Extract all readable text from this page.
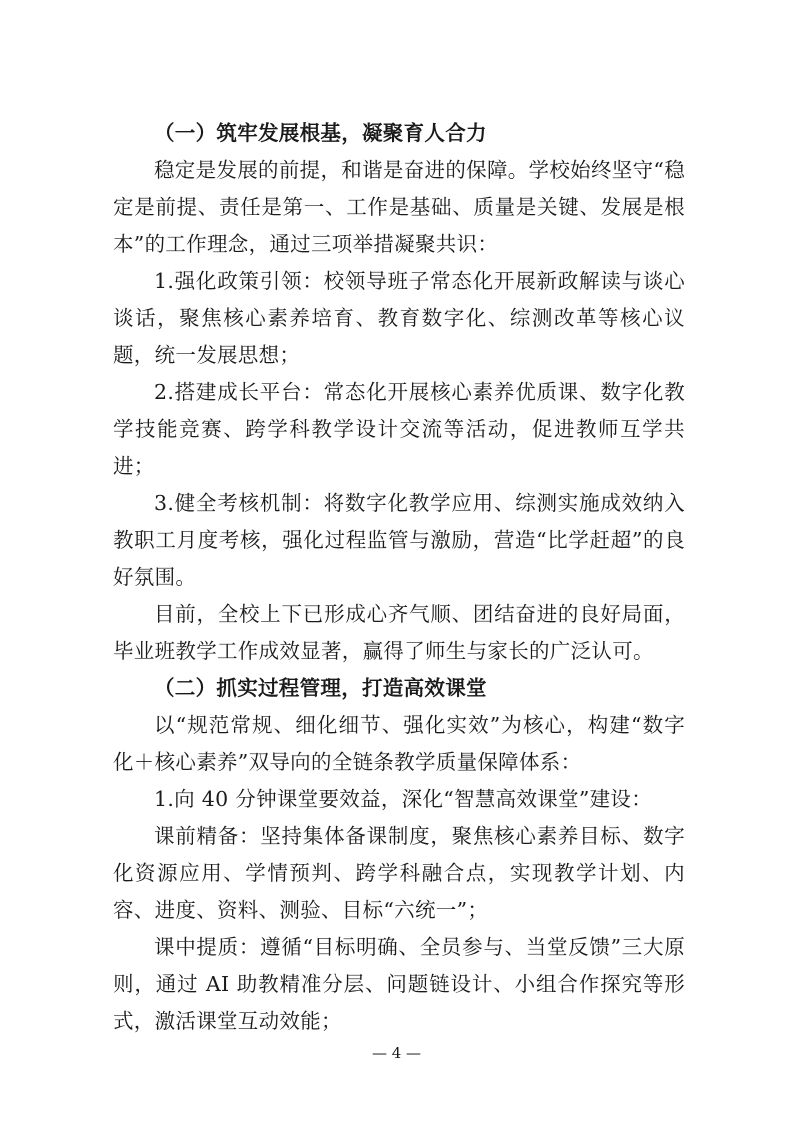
（一）筑牢发展根基，凝聚育人合力

稳定是发展的前提，和谐是奋进的保障。学校始终坚守“稳定是前提、责任是第一、工作是基础、质量是关键、发展是根本”的工作理念，通过三项举措凝聚共识：

1.强化政策引领：校领导班子常态化开展新政解读与谈心谈话，聚焦核心素养培育、教育数字化、综测改革等核心议题，统一发展思想；

2.搭建成长平台：常态化开展核心素养优质课、数字化教学技能竞赛、跨学科教学设计交流等活动，促进教师互学共进；

3.健全考核机制：将数字化教学应用、综测实施成效纳入教职工月度考核，强化过程监管与激励，营造“比学赶超”的良好氛围。

目前，全校上下已形成心齐气顺、团结奋进的良好局面，毕业班教学工作成效显著，赢得了师生与家长的广泛认可。

（二）抓实过程管理，打造高效课堂

以“规范常规、细化细节、强化实效”为核心，构建“数字化＋核心素养”双导向的全链条教学质量保障体系：

1.向 40 分钟课堂要效益，深化“智慧高效课堂”建设：

课前精备：坚持集体备课制度，聚焦核心素养目标、数字化资源应用、学情预判、跨学科融合点，实现教学计划、内容、进度、资料、测验、目标“六统一”；

课中提质：遵循“目标明确、全员参与、当堂反馈”三大原则，通过 AI 助教精准分层、问题链设计、小组合作探究等形式，激活课堂互动效能；

— 4 —
